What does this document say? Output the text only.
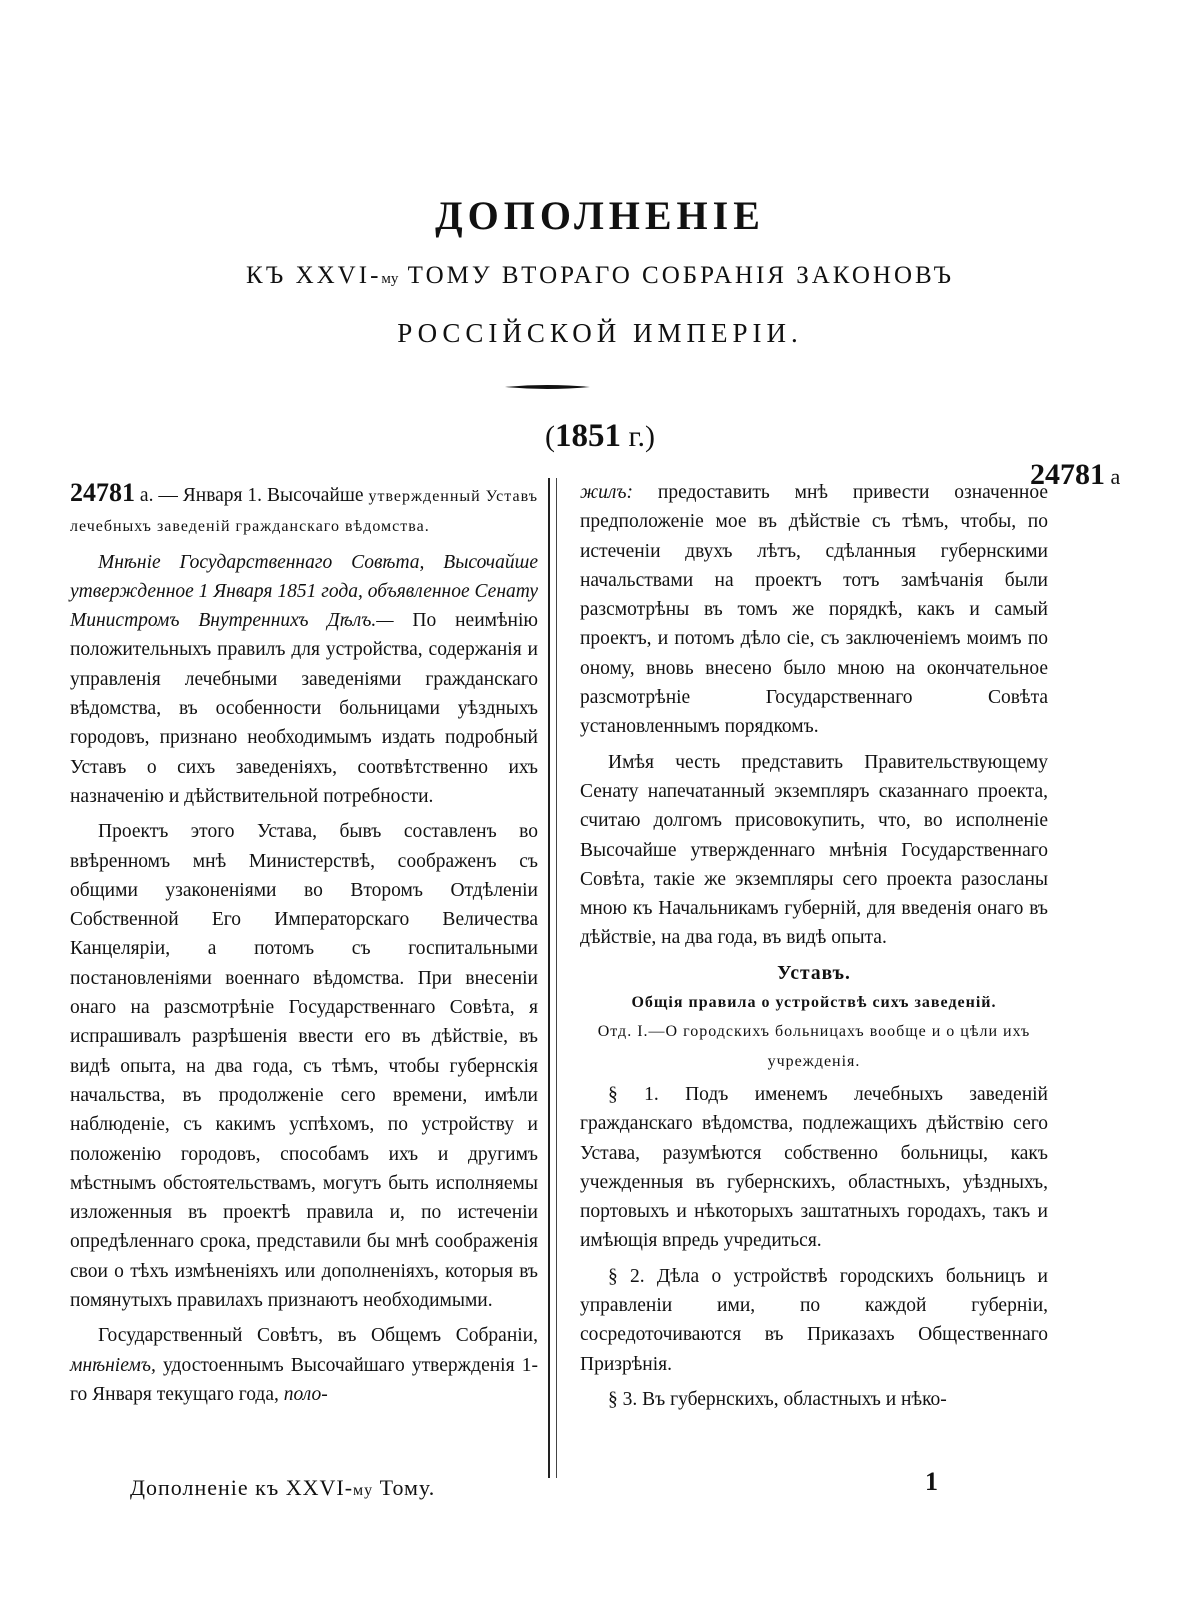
ДОПОЛНЕНІЕ
КЪ XXVI-му ТОМУ ВТОРАГО СОБРАНІЯ ЗАКОНОВЪ
РОССІЙСКОЙ ИМПЕРІИ.
(1851 г.)

24781 а. — Января 1. Высочайше утвержденный Уставъ лечебныхъ заведеній гражданскаго вѣдомства.

Мнѣніе Государственнаго Совѣта, Высочайше утвержденное 1 Января 1851 года, объявленное Сенату Министромъ Внутреннихъ Дѣлъ.— По неимѣнію положительныхъ правилъ для устройства, содержанія и управленія лечебными заведеніями гражданскаго вѣдомства, въ особенности больницами уѣздныхъ городовъ, признано необходимымъ издать подробный Уставъ о сихъ заведеніяхъ, соотвѣтственно ихъ назначенію и дѣйствительной потребности.

Проектъ этого Устава, бывъ составленъ во ввѣренномъ мнѣ Министерствѣ, соображенъ съ общими узаконеніями во Второмъ Отдѣленіи Собственной Его Императорскаго Величества Канцеляріи, а потомъ съ госпитальными постановленіями военнаго вѣдомства. При внесеніи онаго на разсмотрѣніе Государственнаго Совѣта, я испрашивалъ разрѣшенія ввести его въ дѣйствіе, въ видѣ опыта, на два года, съ тѣмъ, чтобы губернскія начальства, въ продолженіе сего времени, имѣли наблюденіе, съ какимъ успѣхомъ, по устройству и положенію городовъ, способамъ ихъ и другимъ мѣстнымъ обстоятельствамъ, могутъ быть исполняемы изложенныя въ проектѣ правила и, по истеченіи опредѣленнаго срока, представили бы мнѣ соображенія свои о тѣхъ измѣненіяхъ или дополненіяхъ, которыя въ помянутыхъ правилахъ признаютъ необходимыми.

Государственный Совѣтъ, въ Общемъ Собраніи, мнѣніемъ, удостоеннымъ Высочайшаго утвержденія 1-го Января текущаго года, поло-

жилъ: предоставить мнѣ привести означенное предположеніе мое въ дѣйствіе съ тѣмъ, чтобы, по истеченіи двухъ лѣтъ, сдѣланныя губернскими начальствами на проектъ тотъ замѣчанія были разсмотрѣны въ томъ же порядкѣ, какъ и самый проектъ, и потомъ дѣло сіе, съ заключеніемъ моимъ по оному, вновь внесено было мною на окончательное разсмотрѣніе Государственнаго Совѣта установленнымъ порядкомъ.

Имѣя честь представить Правительствующему Сенату напечатанный экземпляръ сказаннаго проекта, считаю долгомъ присовокупить, что, во исполненіе Высочайше утвержденнаго мнѣнія Государственнаго Совѣта, такіе же экземпляры сего проекта разосланы мною къ Начальникамъ губерній, для введенія онаго въ дѣйствіе, на два года, въ видѣ опыта.

Уставъ.

Общія правила о устройствѣ сихъ заведеній.

Отд. I.—О городскихъ больницахъ вообще и о цѣли ихъ учрежденія.

§ 1. Подъ именемъ лечебныхъ заведеній гражданскаго вѣдомства, подлежащихъ дѣйствію сего Устава, разумѣются собственно больницы, какъ учежденныя въ губернскихъ, областныхъ, уѣздныхъ, портовыхъ и нѣкоторыхъ заштатныхъ городахъ, такъ и имѣющія впредь учредиться.

§ 2. Дѣла о устройствѣ городскихъ больницъ и управленіи ими, по каждой губерніи, сосредоточиваются въ Приказахъ Общественнаго Призрѣнія.

§ 3. Въ губернскихъ, областныхъ и нѣко-

24781 а
Дополненіе къ XXVI-му Тому.	1
